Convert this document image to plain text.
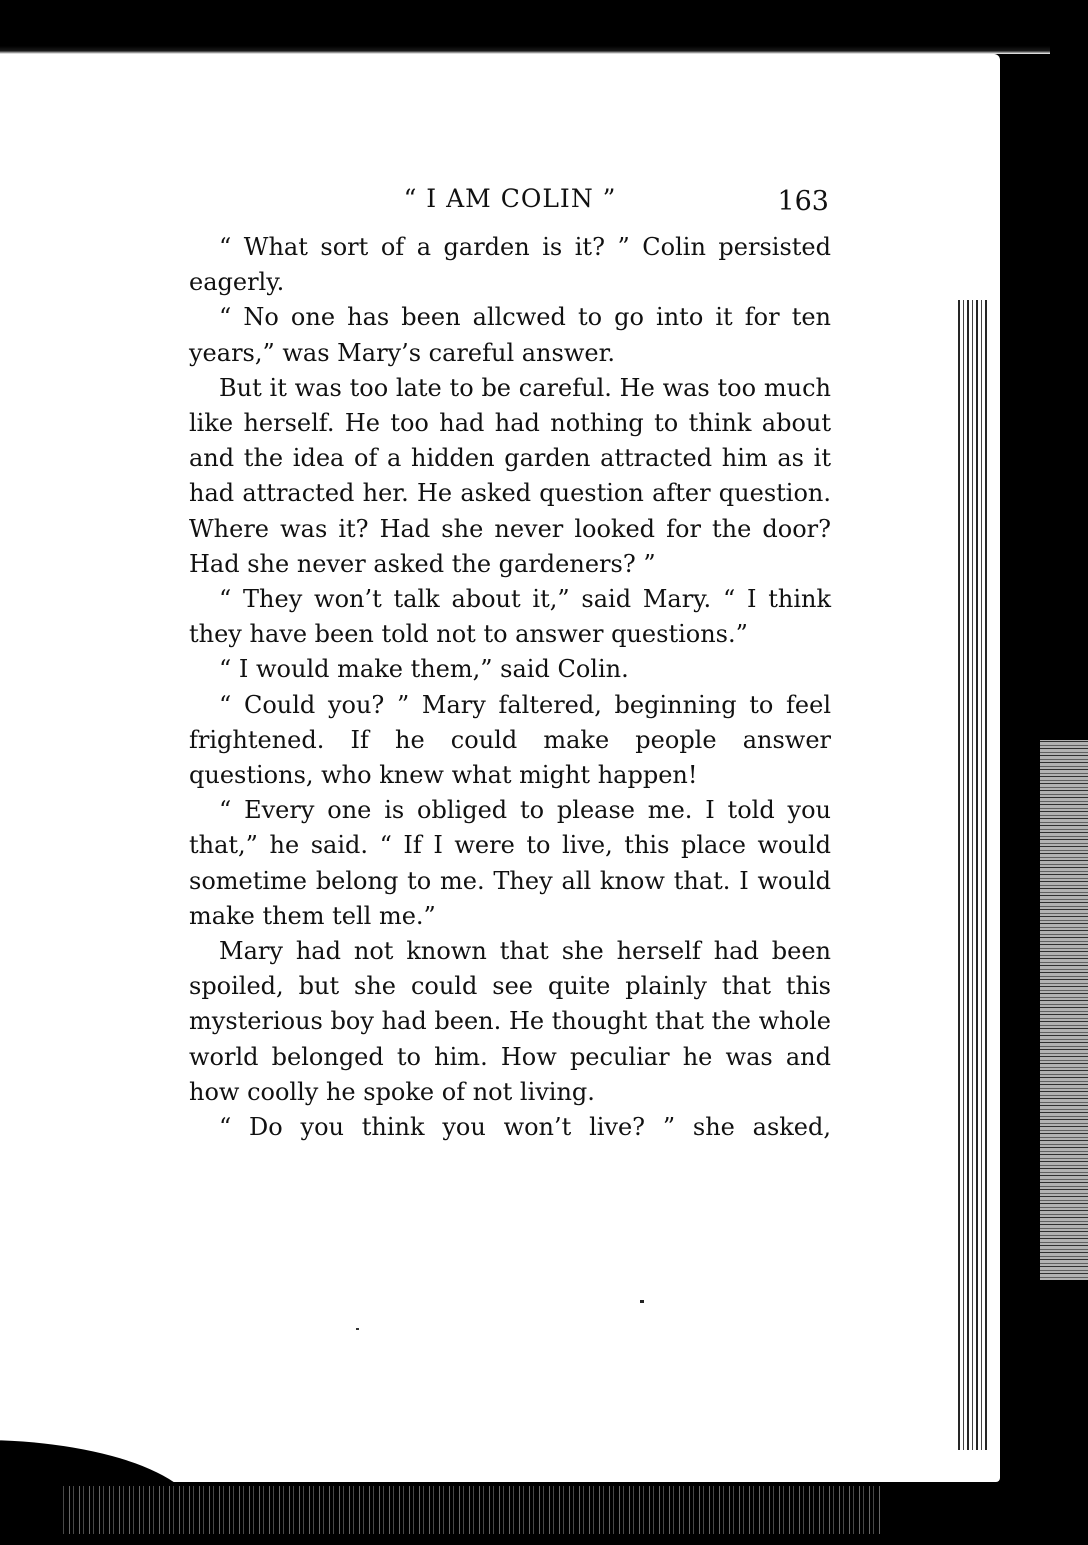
“ I AM COLIN ”	163

“ What sort of a garden is it? ” Colin persisted eagerly.

“ No one has been allcwed to go into it for ten years,” was Mary’s careful answer.

But it was too late to be careful. He was too much like herself. He too had had nothing to think about and the idea of a hidden garden attracted him as it had attracted her. He asked question after question. Where was it? Had she never looked for the door? Had she never asked the gardeners? ”

“ They won’t talk about it,” said Mary. “ I think they have been told not to answer questions.”

“ I would make them,” said Colin.

“ Could you? ” Mary faltered, beginning to feel frightened. If he could make people answer questions, who knew what might happen!

“ Every one is obliged to please me. I told you that,” he said. “ If I were to live, this place would sometime belong to me. They all know that. I would make them tell me.”

Mary had not known that she herself had been spoiled, but she could see quite plainly that this mysterious boy had been. He thought that the whole world belonged to him. How peculiar he was and how coolly he spoke of not living.

“ Do you think you won’t live? ” she asked,
